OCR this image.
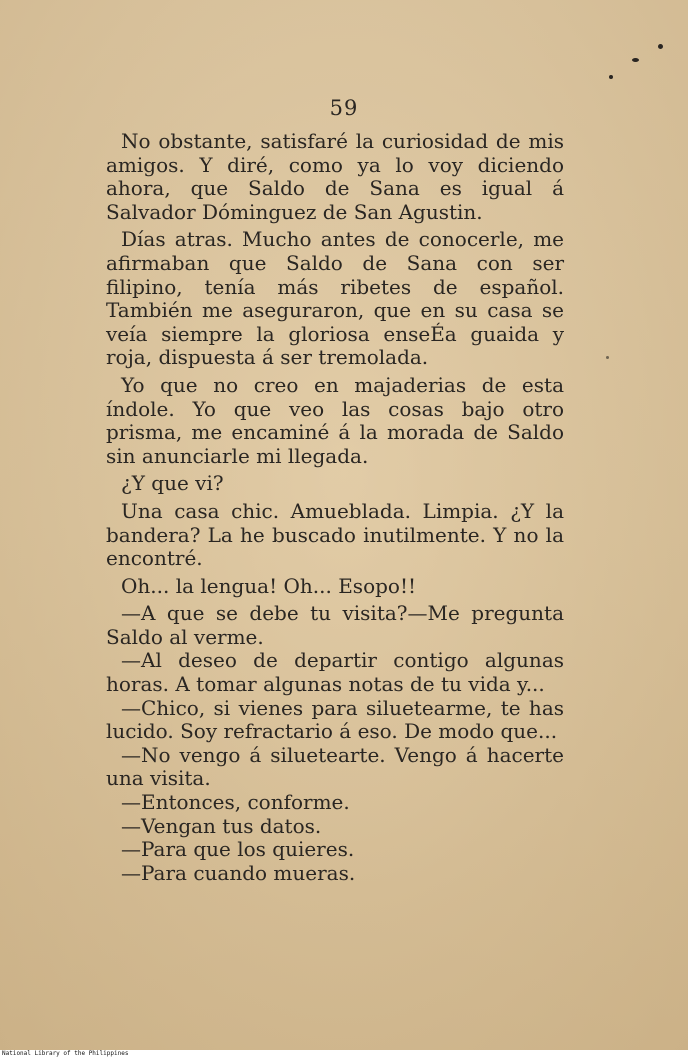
59

No obstante, satisfaré la curiosidad de mis amigos. Y diré, como ya lo voy diciendo ahora, que Saldo de Sana es igual á Salvador Dóminguez de San Agustin.

Días atras. Mucho antes de conocerle, me afirmaban que Saldo de Sana con ser filipino, tenía más ribetes de español. También me aseguraron, que en su casa se veía siempre la gloriosa enseÉa guaida y roja, dispuesta á ser tremolada.

Yo que no creo en majaderias de esta índole. Yo que veo las cosas bajo otro prisma, me encaminé á la morada de Saldo sin anunciarle mi llegada.

¿Y que vi?

Una casa chic. Amueblada. Limpia. ¿Y la bandera? La he buscado inutilmente. Y no la encontré.

Oh... la lengua! Oh... Esopo!!

—A que se debe tu visita?—Me pregunta Saldo al verme.

—Al deseo de departir contigo algunas horas. A tomar algunas notas de tu vida y...

—Chico, si vienes para siluetearme, te has lucido. Soy refractario á eso. De modo que...

—No vengo á siluetearte. Vengo á hacerte una visita.

—Entonces, conforme.

—Vengan tus datos.

—Para que los quieres.

—Para cuando mueras.

National Library of the Philippines
